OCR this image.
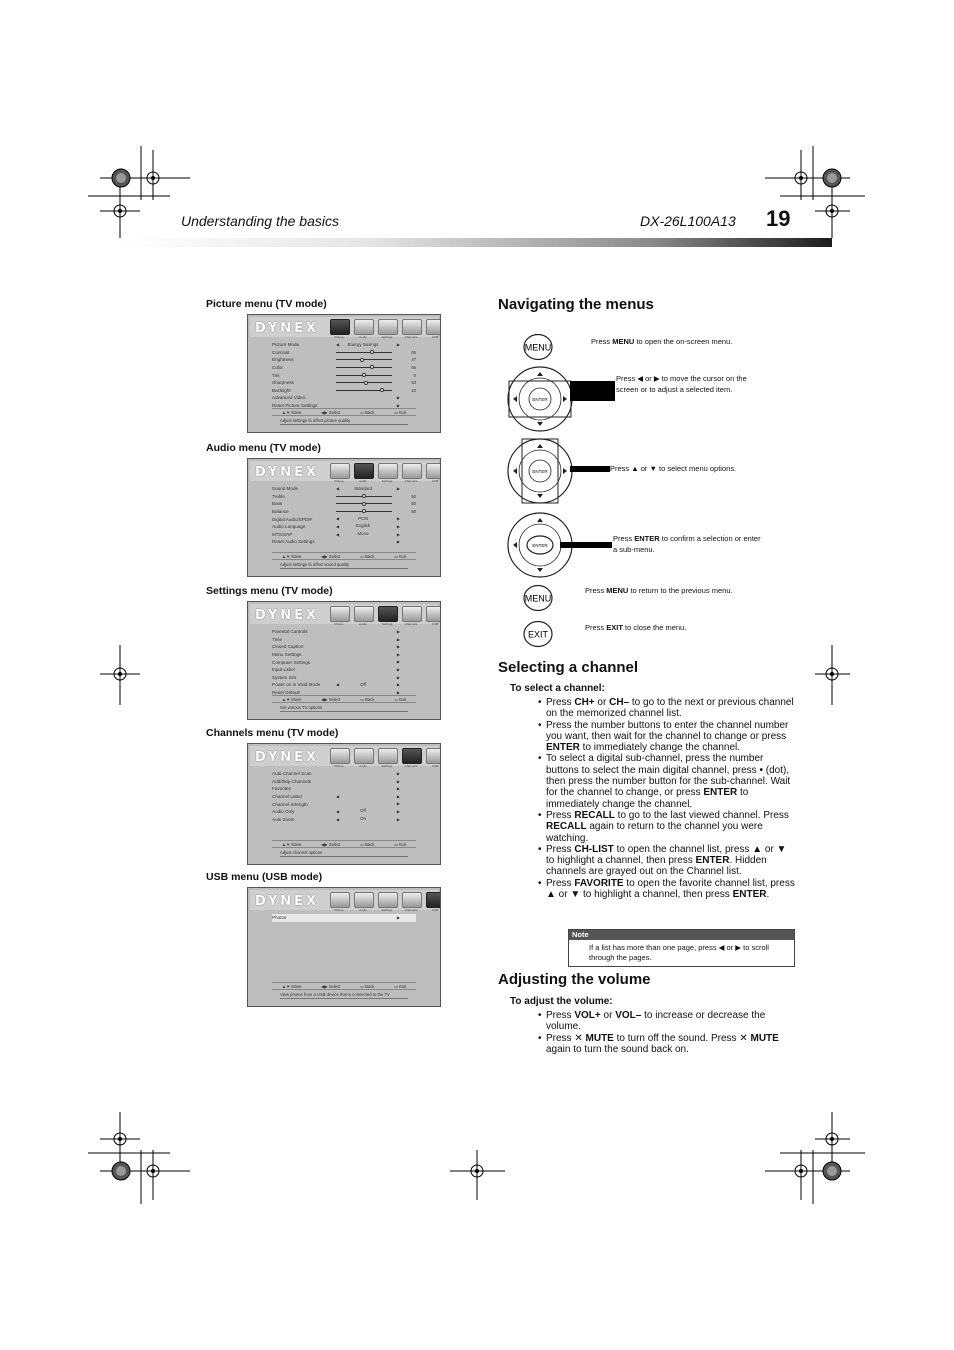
Understanding the basics	DX-26L100A13 19
Picture menu (TV mode)
DYNEX
Picture	Audio	Settings	Channels	USB
Picture Mode	◀	Energy Savings	▶
Contrast	65
Brightness	47
Color	65
Tint	0
Sharpness	53
Backlight	20
Advanced Video	▶
Reset Picture Settings	▶
▲▼ Move	◀▶ Select	▭ Back	▭ Exit
Adjust settings to affect picture quality
Audio menu (TV mode)
DYNEX
Picture	Audio	Settings	Channels	USB
Sound Mode	◀	Standard	▶
Treble	50
Bass	50
Balance	50
Digital Audio/SPDIF	◀	PCM	▶
Audio Language	◀	English	▶
MTS/SAP	◀	Mono	▶
Reset Audio Settings	▶
▲▼ Move	◀▶ Select	▭ Back	▭ Exit
Adjust settings to affect sound quality
Settings menu (TV mode)
DYNEX
Picture	Audio	Settings	Channels	USB
Parental Controls	▶
Time	▶
Closed Caption	▶
Menu Settings	▶
Computer Settings	▶
Input Label	▶
System Info	▶
Power on in Vivid Mode	◀	Off	▶
Reset Default	▶
▲▼ Move	◀▶ Select	▭ Back	▭ Exit
Set various TV options
Channels menu (TV mode)
DYNEX
Picture	Audio	Settings	Channels	USB
Auto Channel Scan	▶
Add/Skip Channels	▶
Favorites	▶
Channel Label	◀	▶
Channel Strength	▶
Audio Only	◀	Off	▶
Auto Zoom	◀	On	▶
▲▼ Move	◀▶ Select	▭ Back	▭ Exit
Adjust channel options
USB menu (USB mode)
DYNEX
Picture	Audio	Settings	Channels	USB
Photos	▶
▲▼ Move	◀▶ Select	▭ Back	▭ Exit
View photos from a USB device that is connected to the TV
Navigating the menus
MENU
Press MENU to open the on-screen menu.
ENTER
Press ◀ or ▶ to move the cursor on the screen or to adjust a selected item.
ENTER	Press ▲ or ▼ to select menu options.
ENTER
Press ENTER to confirm a selection or enter a sub-menu.
MENU
Press MENU to return to the previous menu.
EXIT
Press EXIT to close the menu.
Selecting a channel
To select a channel:
• Press CH+ or CH– to go to the next or previous channel on the memorized channel list.
• Press the number buttons to enter the channel number you want, then wait for the channel to change or press ENTER to immediately change the channel.
• To select a digital sub-channel, press the number buttons to select the main digital channel, press • (dot), then press the number button for the sub-channel. Wait for the channel to change, or press ENTER to immediately change the channel.
• Press RECALL to go to the last viewed channel. Press RECALL again to return to the channel you were watching.
• Press CH-LIST to open the channel list, press ▲ or ▼ to highlight a channel, then press ENTER. Hidden channels are grayed out on the Channel list.
• Press FAVORITE to open the favorite channel list, press ▲ or ▼ to highlight a channel, then press ENTER.
Note
If a list has more than one page, press ◀ or ▶ to scroll through the pages.
Adjusting the volume
To adjust the volume:
• Press VOL+ or VOL– to increase or decrease the volume.
• Press ✕ MUTE to turn off the sound. Press ✕ MUTE again to turn the sound back on.
